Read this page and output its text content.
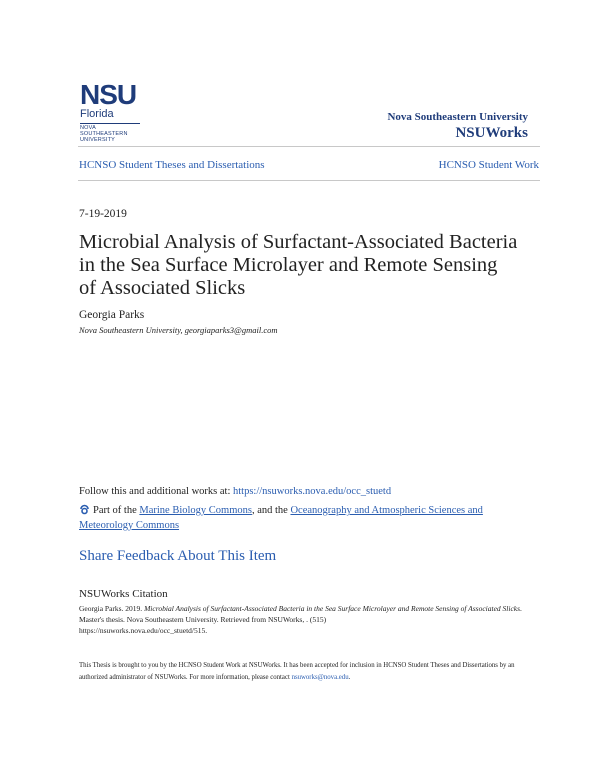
NSU
Florida
NOVA SOUTHEASTERN
UNIVERSITY
Nova Southeastern University
NSUWorks
HCNSO Student Theses and Dissertations	HCNSO Student Work
7-19-2019
Microbial Analysis of Surfactant-Associated Bacteria in the Sea Surface Microlayer and Remote Sensing of Associated Slicks
Georgia Parks
Nova Southeastern University, georgiaparks3@gmail.com
Follow this and additional works at: https://nsuworks.nova.edu/occ_stuetd
Part of the Marine Biology Commons, and the Oceanography and Atmospheric Sciences and Meteorology Commons
Share Feedback About This Item
NSUWorks Citation
Georgia Parks. 2019. Microbial Analysis of Surfactant-Associated Bacteria in the Sea Surface Microlayer and Remote Sensing of Associated Slicks. Master's thesis. Nova Southeastern University. Retrieved from NSUWorks, . (515)
https://nsuworks.nova.edu/occ_stuetd/515.
This Thesis is brought to you by the HCNSO Student Work at NSUWorks. It has been accepted for inclusion in HCNSO Student Theses and Dissertations by an authorized administrator of NSUWorks. For more information, please contact nsuworks@nova.edu.
